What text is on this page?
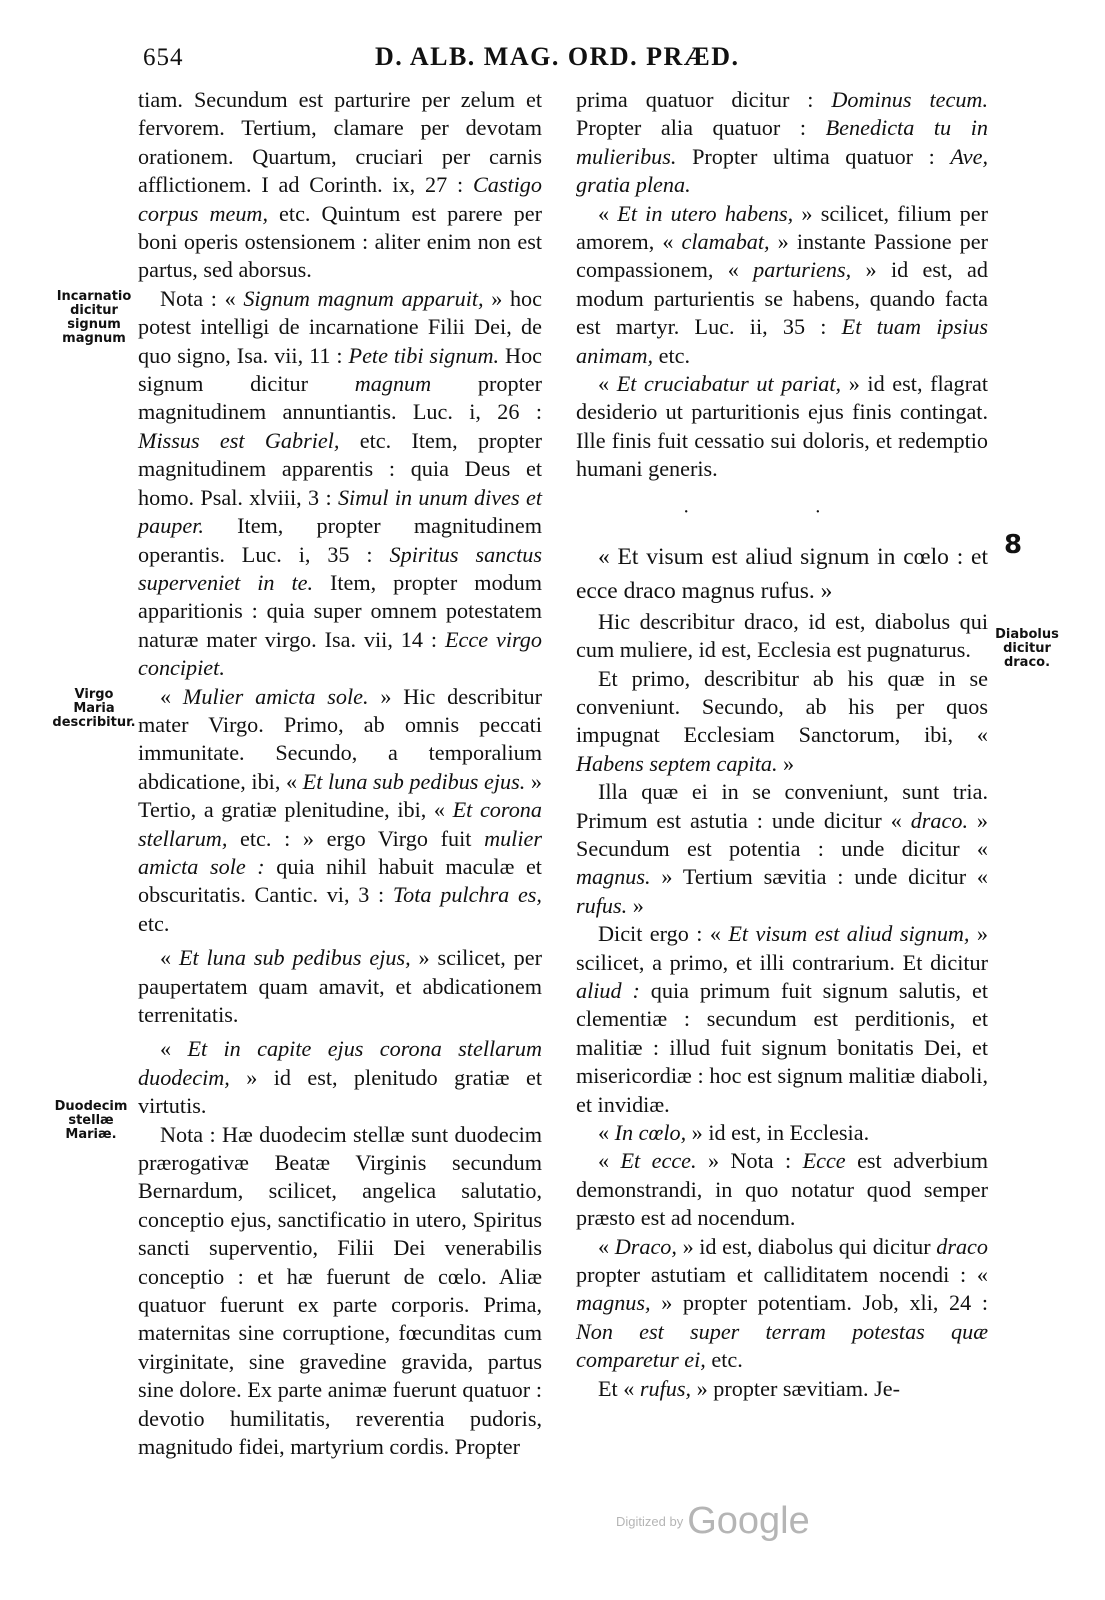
654	D. ALB. MAG. ORD. PRÆD.
Incarnatio dicitur signum magnum
Virgo Maria describitur.
Duodecim stellæ Mariæ.
Diabolus dicitur draco.
8

tiam. Secundum est parturire per zelum et fervorem. Tertium, clamare per devotam orationem. Quartum, cruciari per carnis afflictionem. I ad Corinth. ix, 27 : Castigo corpus meum, etc. Quintum est parere per boni operis ostensionem : aliter enim non est partus, sed aborsus.

Nota : « Signum magnum apparuit, » hoc potest intelligi de incarnatione Filii Dei, de quo signo, Isa. vii, 11 : Pete tibi signum. Hoc signum dicitur magnum propter magnitudinem annuntiantis. Luc. i, 26 : Missus est Gabriel, etc. Item, propter magnitudinem apparentis : quia Deus et homo. Psal. xlviii, 3 : Simul in unum dives et pauper. Item, propter magnitudinem operantis. Luc. i, 35 : Spiritus sanctus superveniet in te. Item, propter modum apparitionis : quia super omnem potestatem naturæ mater virgo. Isa. vii, 14 : Ecce virgo concipiet.

« Mulier amicta sole. » Hic describitur mater Virgo. Primo, ab omnis peccati immunitate. Secundo, a temporalium abdicatione, ibi, « Et luna sub pedibus ejus. » Tertio, a gratiæ plenitudine, ibi, « Et corona stellarum, etc. : » ergo Virgo fuit mulier amicta sole : quia nihil habuit maculæ et obscuritatis. Cantic. vi, 3 : Tota pulchra es, etc.

« Et luna sub pedibus ejus, » scilicet, per paupertatem quam amavit, et abdicationem terrenitatis.

« Et in capite ejus corona stellarum duodecim, » id est, plenitudo gratiæ et virtutis.

Nota : Hæ duodecim stellæ sunt duodecim prærogativæ Beatæ Virginis secundum Bernardum, scilicet, angelica salutatio, conceptio ejus, sanctificatio in utero, Spiritus sancti superventio, Filii Dei venerabilis conceptio : et hæ fuerunt de cœlo. Aliæ quatuor fuerunt ex parte corporis. Prima, maternitas sine corruptione, fœcunditas cum virginitate, sine gravedine gravida, partus sine dolore. Ex parte animæ fuerunt quatuor : devotio humilitatis, reverentia pudoris, magnitudo fidei, martyrium cordis. Propter

prima quatuor dicitur : Dominus tecum. Propter alia quatuor : Benedicta tu in mulieribus. Propter ultima quatuor : Ave, gratia plena.

« Et in utero habens, » scilicet, filium per amorem, « clamabat, » instante Passione per compassionem, « parturiens, » id est, ad modum parturientis se habens, quando facta est martyr. Luc. ii, 35 : Et tuam ipsius animam, etc.

« Et cruciabatur ut pariat, » id est, flagrat desiderio ut parturitionis ejus finis contingat. Ille finis fuit cessatio sui doloris, et redemptio humani generis.

· ·

« Et visum est aliud signum in cœlo : et ecce draco magnus rufus. »

Hic describitur draco, id est, diabolus qui cum muliere, id est, Ecclesia est pugnaturus.

Et primo, describitur ab his quæ in se conveniunt. Secundo, ab his per quos impugnat Ecclesiam Sanctorum, ibi, « Habens septem capita. »

Illa quæ ei in se conveniunt, sunt tria. Primum est astutia : unde dicitur « draco. » Secundum est potentia : unde dicitur « magnus. » Tertium sævitia : unde dicitur « rufus. »

Dicit ergo : « Et visum est aliud signum, » scilicet, a primo, et illi contrarium. Et dicitur aliud : quia primum fuit signum salutis, et clementiæ : secundum est perditionis, et malitiæ : illud fuit signum bonitatis Dei, et misericordiæ : hoc est signum malitiæ diaboli, et invidiæ.

« In cœlo, » id est, in Ecclesia.

« Et ecce. » Nota : Ecce est adverbium demonstrandi, in quo notatur quod semper præsto est ad nocendum.

« Draco, » id est, diabolus qui dicitur draco propter astutiam et calliditatem nocendi : « magnus, » propter potentiam. Job, xli, 24 : Non est super terram potestas quæ comparetur ei, etc.

Et « rufus, » propter sævitiam. Je-

Digitized by Google
